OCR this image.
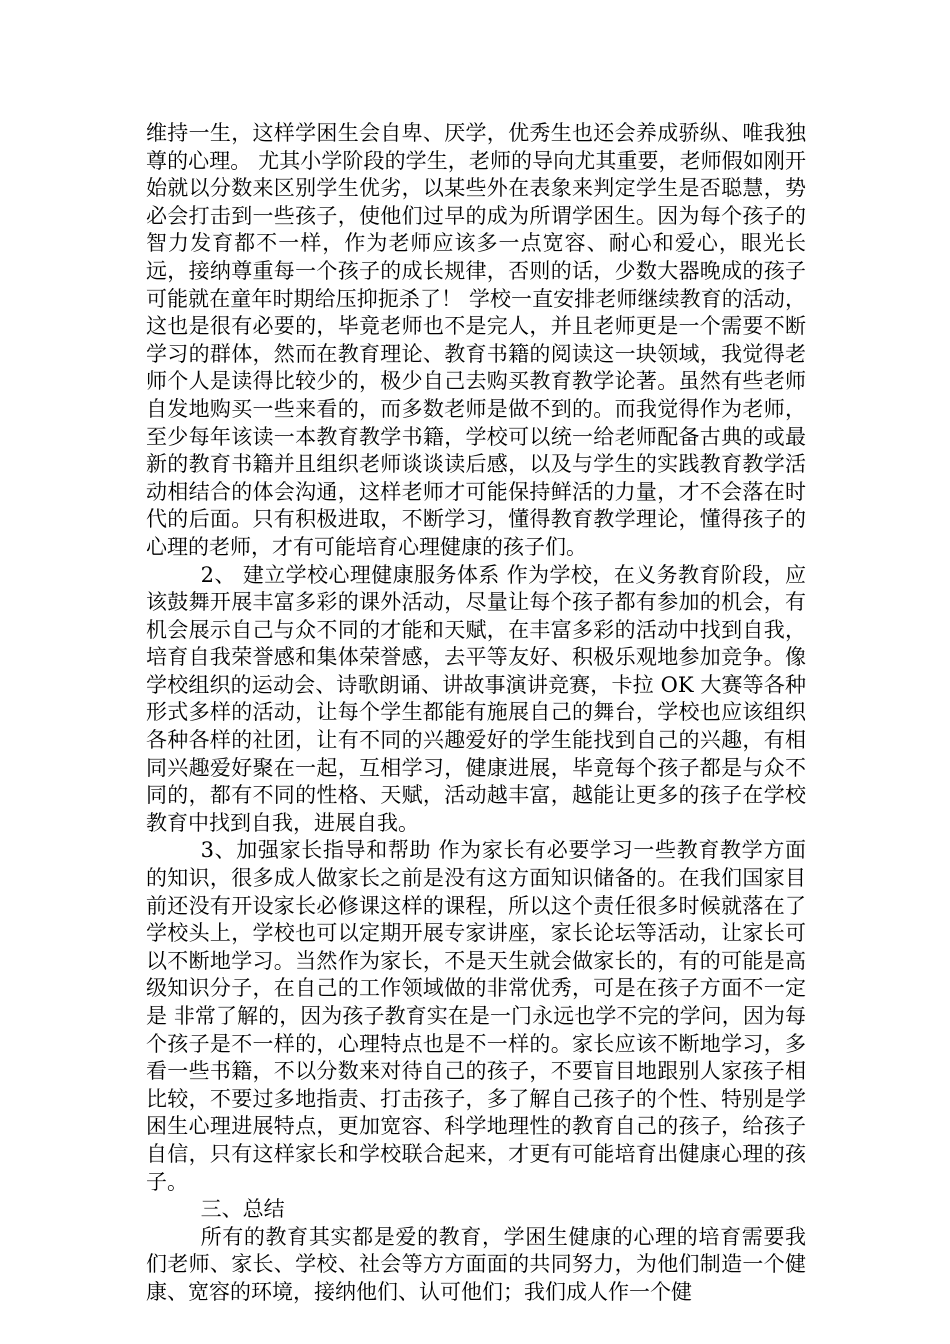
维持一生，这样学困生会自卑、厌学，优秀生也还会养成骄纵、唯我独尊的心理。 尤其小学阶段的学生，老师的导向尤其重要，老师假如刚开始就以分数来区别学生优劣，以某些外在表象来判定学生是否聪慧，势必会打击到一些孩子，使他们过早的成为所谓学困生。因为每个孩子的智力发育都不一样，作为老师应该多一点宽容、耐心和爱心，眼光长远，接纳尊重每一个孩子的成长规律，否则的话，少数大器晚成的孩子可能就在童年时期给压抑扼杀了！ 学校一直安排老师继续教育的活动，这也是很有必要的，毕竟老师也不是完人，并且老师更是一个需要不断学习的群体，然而在教育理论、教育书籍的阅读这一块领域，我觉得老师个人是读得比较少的，极少自己去购买教育教学论著。虽然有些老师自发地购买一些来看的，而多数老师是做不到的。而我觉得作为老师，至少每年该读一本教育教学书籍，学校可以统一给老师配备古典的或最新的教育书籍并且组织老师谈谈读后感，以及与学生的实践教育教学活动相结合的体会沟通，这样老师才可能保持鲜活的力量，才不会落在时代的后面。只有积极进取，不断学习，懂得教育教学理论，懂得孩子的心理的老师，才有可能培育心理健康的孩子们。

2、 建立学校心理健康服务体系 作为学校，在义务教育阶段，应该鼓舞开展丰富多彩的课外活动，尽量让每个孩子都有参加的机会，有机会展示自己与众不同的才能和天赋，在丰富多彩的活动中找到自我，培育自我荣誉感和集体荣誉感，去平等友好、积极乐观地参加竞争。像学校组织的运动会、诗歌朗诵、讲故事演讲竞赛，卡拉 OK 大赛等各种形式多样的活动，让每个学生都能有施展自己的舞台，学校也应该组织各种各样的社团，让有不同的兴趣爱好的学生能找到自己的兴趣，有相同兴趣爱好聚在一起，互相学习，健康进展，毕竟每个孩子都是与众不同的，都有不同的性格、天赋，活动越丰富，越能让更多的孩子在学校教育中找到自我，进展自我。

3、加强家长指导和帮助 作为家长有必要学习一些教育教学方面的知识，很多成人做家长之前是没有这方面知识储备的。在我们国家目前还没有开设家长必修课这样的课程，所以这个责任很多时候就落在了学校头上，学校也可以定期开展专家讲座，家长论坛等活动，让家长可以不断地学习。当然作为家长，不是天生就会做家长的，有的可能是高级知识分子，在自己的工作领域做的非常优秀，可是在孩子方面不一定是 非常了解的，因为孩子教育实在是一门永远也学不完的学问，因为每个孩子是不一样的，心理特点也是不一样的。家长应该不断地学习，多看一些书籍，不以分数来对待自己的孩子，不要盲目地跟别人家孩子相比较，不要过多地指责、打击孩子，多了解自己孩子的个性、特别是学困生心理进展特点，更加宽容、科学地理性的教育自己的孩子，给孩子自信，只有这样家长和学校联合起来，才更有可能培育出健康心理的孩子。

三、总结

所有的教育其实都是爱的教育，学困生健康的心理的培育需要我们老师、家长、学校、社会等方方面面的共同努力，为他们制造一个健康、宽容的环境，接纳他们、认可他们；我们成人作一个健
